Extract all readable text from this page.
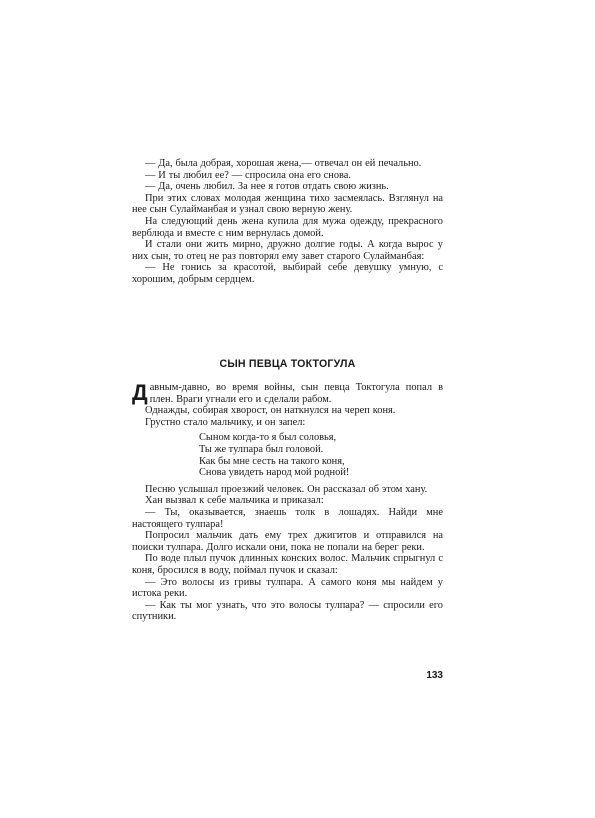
— Да, была добрая, хорошая жена,— отвечал он ей печально.

— И ты любил ее? — спросила она его снова.

— Да, очень любил. За нее я готов отдать свою жизнь.

При этих словах молодая женщина тихо засмеялась. Взглянул на нее сын Сулайманбая и узнал свою верную жену.

На следующий день жена купила для мужа одежду, прекрасного верблюда и вместе с ним вернулась домой.

И стали они жить мирно, дружно долгие годы. А когда вырос у них сын, то отец не раз повторял ему завет старого Сулайманбая:

— Не гонись за красотой, выбирай себе девушку умную, с хорошим, добрым сердцем.

СЫН ПЕВЦА ТОКТОГУЛА

Давным-давно, во время войны, сын певца Токтогула попал в плен. Враги угнали его и сделали рабом.

Однажды, собирая хворост, он наткнулся на череп коня.

Грустно стало мальчику, и он запел:

Сыном когда-то я был соловья,
Ты же тулпара был головой.
Как бы мне сесть на такого коня,
Снова увидеть народ мой родной!

Песню услышал проезжий человек. Он рассказал об этом хану.

Хан вызвал к себе мальчика и приказал:

— Ты, оказывается, знаешь толк в лошадях. Найди мне настоящего тулпара!

Попросил мальчик дать ему трех джигитов и отправился на поиски тулпара. Долго искали они, пока не попали на берег реки.

По воде плыл пучок длинных конских волос. Мальчик спрыгнул с коня, бросился в воду, поймал пучок и сказал:

— Это волосы из гривы тулпара. А самого коня мы найдем у истока реки.

— Как ты мог узнать, что это волосы тулпара? — спросили его спутники.

133
